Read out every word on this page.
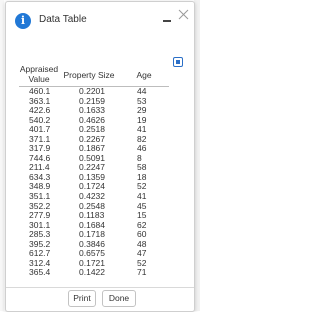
i	Data Table
Appraised Value	Property Size	Age
460.1	0.2201	44
363.1	0.2159	53
422.6	0.1633	29
540.2	0.4626	19
401.7	0.2518	41
371.1	0.2267	82
317.9	0.1867	46
744.6	0.5091	8
211.4	0.2247	58
634.3	0.1359	18
348.9	0.1724	52
351.1	0.4232	41
352.2	0.2548	45
277.9	0.1183	15
301.1	0.1684	62
285.3	0.1718	60
395.2	0.3846	48
612.7	0.6575	47
312.4	0.1721	52
365.4	0.1422	71
Print	Done
